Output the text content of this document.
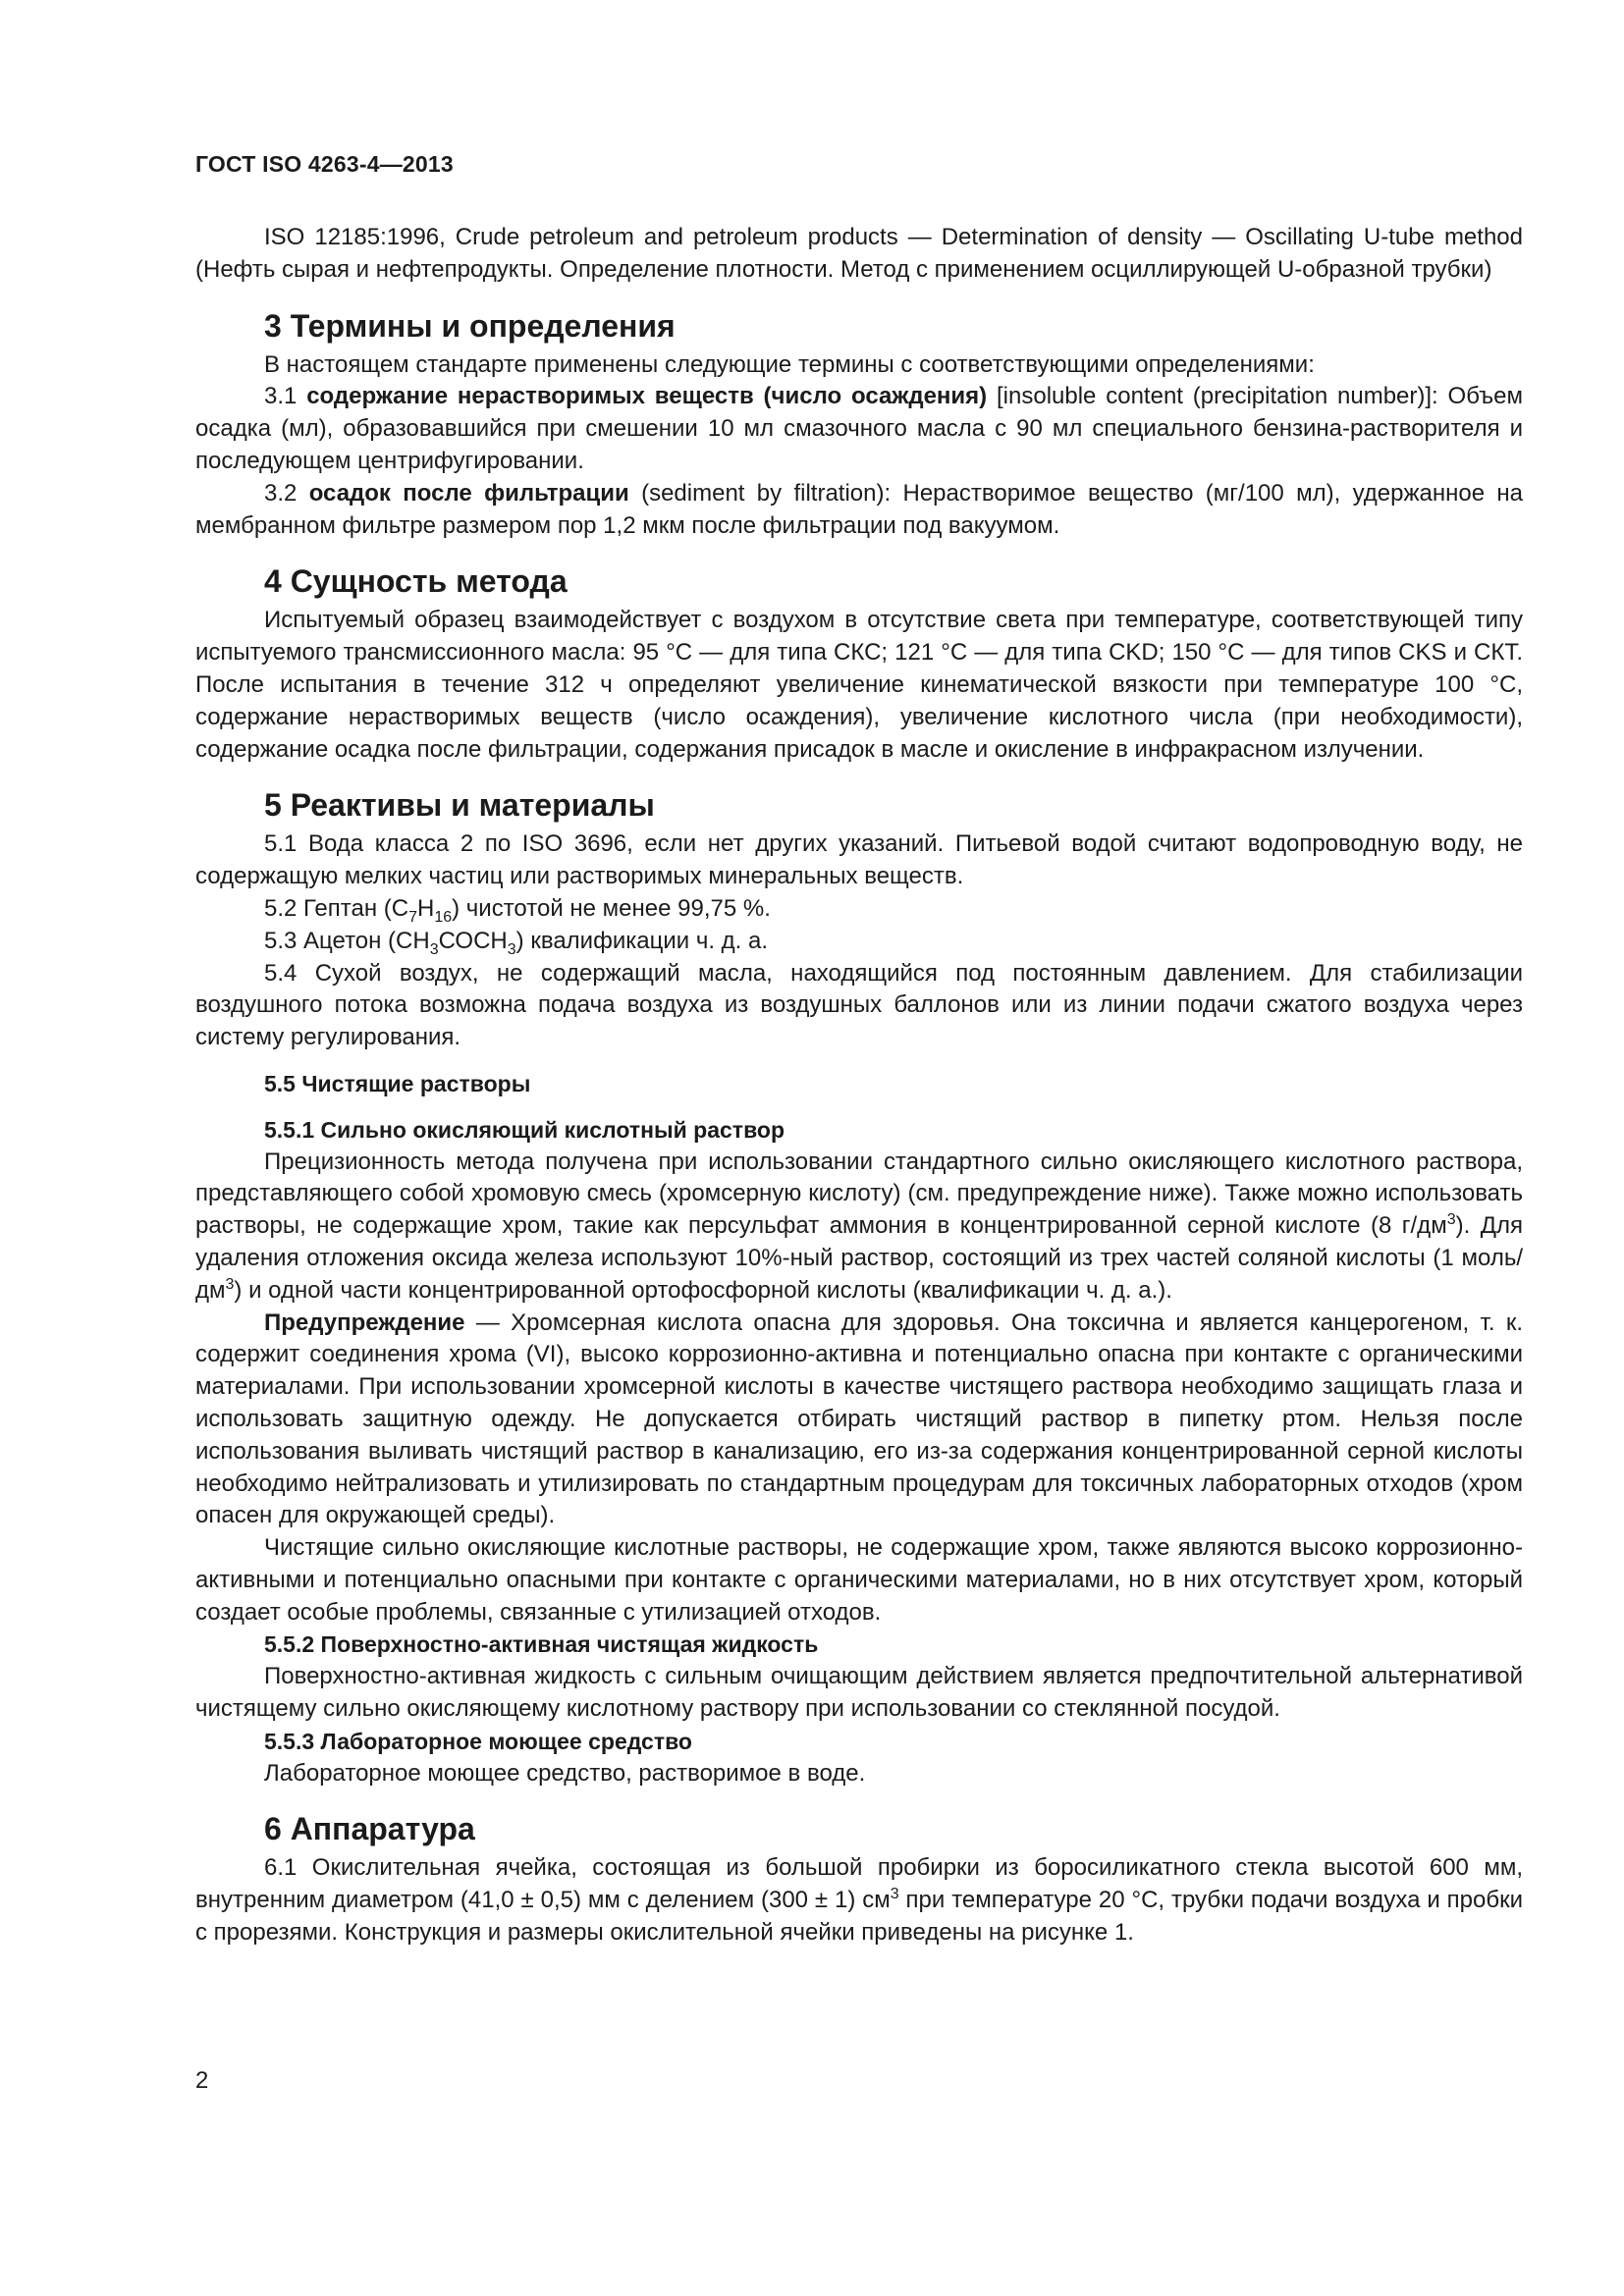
ГОСТ ISO 4263-4—2013

ISO 12185:1996, Crude petroleum and petroleum products — Determination of density — Oscillating U-tube method (Нефть сырая и нефтепродукты. Определение плотности. Метод с применением осциллирующей U-образной трубки)

3 Термины и определения

В настоящем стандарте применены следующие термины с соответствующими определениями:

3.1 содержание нерастворимых веществ (число осаждения) [insoluble content (precipitation number)]: Объем осадка (мл), образовавшийся при смешении 10 мл смазочного масла с 90 мл специального бензина-растворителя и последующем центрифугировании.

3.2 осадок после фильтрации (sediment by filtration): Нерастворимое вещество (мг/100 мл), удержанное на мембранном фильтре размером пор 1,2 мкм после фильтрации под вакуумом.

4 Сущность метода

Испытуемый образец взаимодействует с воздухом в отсутствие света при температуре, соответствующей типу испытуемого трансмиссионного масла: 95 °С — для типа СКС; 121 °С — для типа CKD; 150 °С — для типов CKS и СКТ. После испытания в течение 312 ч определяют увеличение кинематической вязкости при температуре 100 °С, содержание нерастворимых веществ (число осаждения), увеличение кислотного числа (при необходимости), содержание осадка после фильтрации, содержания присадок в масле и окисление в инфракрасном излучении.

5 Реактивы и материалы

5.1 Вода класса 2 по ISO 3696, если нет других указаний. Питьевой водой считают водопроводную воду, не содержащую мелких частиц или растворимых минеральных веществ.

5.2 Гептан $(С_7Н_{16})$ чистотой не менее 99,75 %.

5.3 Ацетон $(СН_3СОСН_3)$ квалификации ч. д. а.

5.4 Сухой воздух, не содержащий масла, находящийся под постоянным давлением. Для стабилизации воздушного потока возможна подача воздуха из воздушных баллонов или из линии подачи сжатого воздуха через систему регулирования.

5.5 Чистящие растворы
5.5.1 Сильно окисляющий кислотный раствор

Прецизионность метода получена при использовании стандартного сильно окисляющего кислотного раствора, представляющего собой хромовую смесь (хромсерную кислоту) (см. предупреждение ниже). Также можно использовать растворы, не содержащие хром, такие как персульфат аммония в концентрированной серной кислоте (8 $г/дм^3$). Для удаления отложения оксида железа используют 10%-ный раствор, состоящий из трех частей соляной кислоты (1 моль/$дм^3$) и одной части концентрированной ортофосфорной кислоты (квалификации ч. д. а.).

Предупреждение — Хромсерная кислота опасна для здоровья. Она токсична и является канцерогеном, т. к. содержит соединения хрома (VI), высоко коррозионно-активна и потенциально опасна при контакте с органическими материалами. При использовании хромсерной кислоты в качестве чистящего раствора необходимо защищать глаза и использовать защитную одежду. Не допускается отбирать чистящий раствор в пипетку ртом. Нельзя после использования выливать чистящий раствор в канализацию, его из-за содержания концентрированной серной кислоты необходимо нейтрализовать и утилизировать по стандартным процедурам для токсичных лабораторных отходов (хром опасен для окружающей среды).

Чистящие сильно окисляющие кислотные растворы, не содержащие хром, также являются высоко коррозионно-активными и потенциально опасными при контакте с органическими материалами, но в них отсутствует хром, который создает особые проблемы, связанные с утилизацией отходов.

5.5.2 Поверхностно-активная чистящая жидкость

Поверхностно-активная жидкость с сильным очищающим действием является предпочтительной альтернативой чистящему сильно окисляющему кислотному раствору при использовании со стеклянной посудой.

5.5.3 Лабораторное моющее средство

Лабораторное моющее средство, растворимое в воде.

6 Аппаратура

6.1 Окислительная ячейка, состоящая из большой пробирки из боросиликатного стекла высотой 600 мм, внутренним диаметром (41,0 ± 0,5) мм с делением (300 ± 1) $см^3$ при температуре 20 °С, трубки подачи воздуха и пробки с прорезями. Конструкция и размеры окислительной ячейки приведены на рисунке 1.

2
